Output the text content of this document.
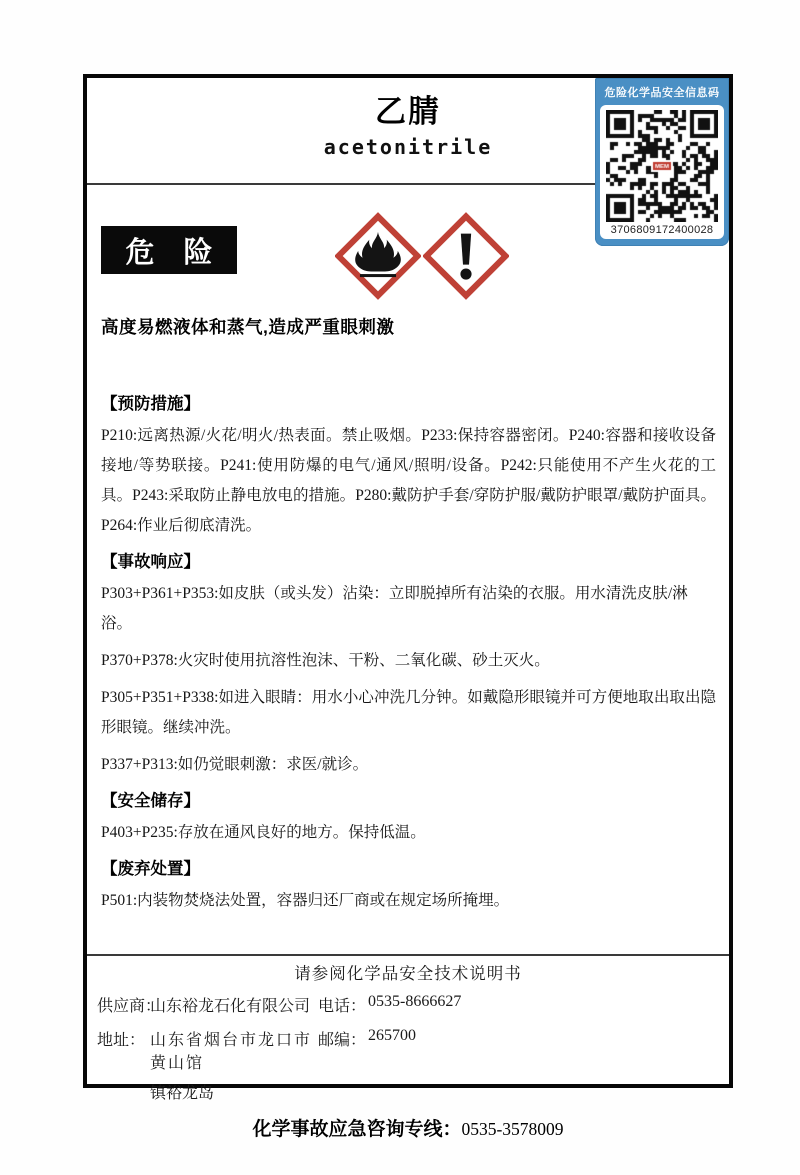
乙腈
acetonitrile
危险化学品安全信息码
3706809172400028
危　险
高度易燃液体和蒸气,造成严重眼刺激
【预防措施】

P210:远离热源/火花/明火/热表面。禁止吸烟。P233:保持容器密闭。P240:容器和接收设备接地/等势联接。P241:使用防爆的电气/通风/照明/设备。P242:只能使用不产生火花的工具。P243:采取防止静电放电的措施。P280:戴防护手套/穿防护服/戴防护眼罩/戴防护面具。P264:作业后彻底清洗。

【事故响应】

P303+P361+P353:如皮肤（或头发）沾染：立即脱掉所有沾染的衣服。用水清洗皮肤/淋浴。

P370+P378:火灾时使用抗溶性泡沫、干粉、二氧化碳、砂土灭火。

P305+P351+P338:如进入眼睛：用水小心冲洗几分钟。如戴隐形眼镜并可方便地取出取出隐形眼镜。继续冲洗。

P337+P313:如仍觉眼刺激：求医/就诊。

【安全储存】

P403+P235:存放在通风良好的地方。保持低温。

【废弃处置】

P501:内装物焚烧法处置，容器归还厂商或在规定场所掩埋。

请参阅化学品安全技术说明书
供应商：
山东裕龙石化有限公司 电话： 0535-8666627
地址： 山东省烟台市龙口市黄山馆
镇裕龙岛
邮编： 265700
化学事故应急咨询专线：0535-3578009
